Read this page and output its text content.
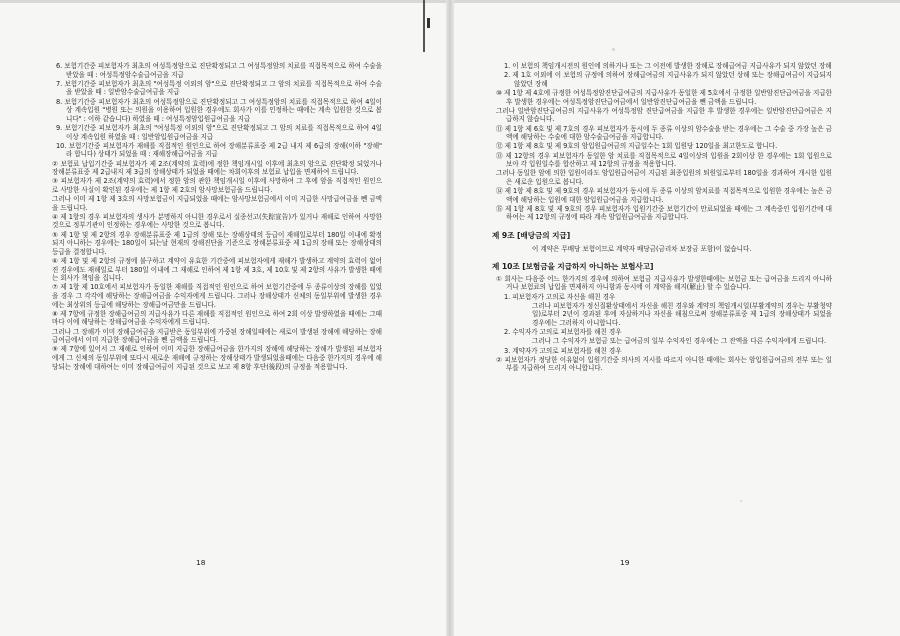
6. 보험기간중 피보험자가 최초의 여성특정암으로 진단확정되고 그 여성특정암의 치료를 직접목적으로 하여 수술을 받았을 때 : 여성특정암수술급여금을 지급

7. 보험기간중 피보험자가 최초의 "여성특정 이외의 암"으로 진단확정되고 그 암의 치료를 직접목적으로 하여 수술을 받았을 때 : 일반암수술급여금을 지급

8. 보험기간중 피보험자가 최초의 여성특정암으로 진단확정되고 그 여성특정암의 치료를 직접목적으로 하여 4일이상 계속입원 "병원 또는 의원을 이용하여 입원한 경우에도 회사가 이를 인정하는 때에는 계속 입원한 것으로 봅니다" : 이하 같습니다) 하였을 때 : 여성특정암입원급여금을 지급

9. 보험기간중 피보험자가 최초의 "여성특정 이외의 암"으로 진단확정되고 그 암의 치료를 직접목적으로 하여 4일이상 계속입원 하였을 때 : 일반암입원급여금을 지급

10. 보험기간중 피보험자가 재해를 직접적인 원인으로 하여 장해분류표중 제 2급 내지 제 6급의 장해(이하 "장해" 라 합니다) 상태가 되었을 때 : 재해장해급여금을 지급

② 보험료 납입기간중 피보험자가 제 2조(계약의 효력)에 정한 책임개시일 이후에 최초의 암으로 진단확정 되었거나 장해분류표중 제 2급내지 제 3급의 장해상태가 되었을 때에는 차회이후의 보험료 납입을 면제하여 드립니다.

③ 피보험자가 제 2조(계약의 효력)에서 정한 암의 관한 책임개시일 이후에 사망하여 그 후에 암을 직접적인 원인으로 사망한 사실이 확인된 경우에는 제 1항 제 2호의 암사망보험금을 드립니다.

그러나 이미 제 1항 제 3호의 사망보험금이 지급되었을 때에는 암사망보험금에서 이미 지급한 사망급여금을 뺀 금액을 드립니다.

④ 제 1항의 경우 피보험자의 생사가 분명하지 아니한 경우로서 실종선고(失踪宣告)가 있거나 재해로 인하여 사망한 것으로 정부기관이 인정하는 경우에는 사망한 것으로 봅니다.

⑤ 제 1항 및 제 2항의 경우 장해분류표중 제 1급의 장해 또는 장해상태의 등급이 재해일로부터 180일 이내에 확정되지 아니하는 경우에는 180일이 되는날 현재의 장해진단을 기준으로 장해분류표중 제 1급의 장해 또는 장해상태의 등급을 결정합니다.

⑥ 제 1항 및 제 2항의 규정에 불구하고 계약이 유효한 기간중에 피보험자에게 재해가 발생하고 계약의 효력이 없어진 경우에도 재해일로 부터 180일 이내에 그 재해로 인하여 제 1항 제 3호, 제 10호 및 제 2항의 사유가 발생한 때에는 회사가 책임을 집니다.

⑦ 제 1항 제 10호에서 피보험자가 동일한 재해를 직접적인 원인으로 하여 보험기간중에 두 종류이상의 장해를 입었을 경우 그 각각에 해당하는 장해급여금을 수익자에게 드립니다. 그러나 장해상태가 신체의 동일부위에 발생한 경우에는 최상위의 등급에 해당하는 장해급여금만을 드립니다.

⑧ 제 7항에 규정한 장해급여금의 지급사유가 다른 재해를 직접적인 원인으로 하여 2회 이상 발생하였을 때에는 그때마다 이에 해당하는 장해급여금을 수익자에게 드립니다.

그러나 그 장해가 이미 장해급여금을 지급받은 동일부위에 가중된 장해일때에는 새로이 발생된 장해에 해당하는 장해급여금에서 이미 지급한 장해급여금을 뺀 금액을 드립니다.

⑨ 제 7항에 있어서 그 재해로 인하여 이미 지급한 장해급여금을 한가지의 장해에 해당하는 장해가 발생된 피보험자에게 그 신체의 동일부위에 또다시 새로운 재해에 규정하는 장해상태가 발생되었을때에는 다음중 한가지의 경우에 해당되는 장해에 대하여는 이미 장해급여금이 지급된 것으로 보고 제 8항 후단(後段)의 규정을 적용합니다.

18

1. 이 보험의 책임개시전의 원인에 의하거나 또는 그 이전에 발생한 장해로 장해급여금 지급사유가 되지 않았던 장해

2. 제 1호 이외에 이 보험의 규정에 의하여 장해급여금의 지급사유가 되지 않았던 상해 또는 장해급여금이 지급되지 않았던 장해

⑩ 제 1항 제 4호에 규정한 여성특정암진단급여금의 지급사유가 동일한 제 5호에서 규정한 일반암진단급여금을 지급한 후 발생한 경우에는 여성특정암진단급여금에서 일반암진단급여금을 뺀 금액을 드립니다.

그러나 일반암진단급여금의 지급사유가 여성특정암 진단급여금을 지급한 후 발생한 경우에는 일반암진단급여금은 지급하지 않습니다.

⑪ 제 1항 제 6호 및 제 7호의 경우 피보험자가 동시에 두 종류 이상의 암수술을 받는 경우에는 그 수술 중 가장 높은 금액에 해당하는 수술에 대한 암수술급여금을 지급합니다.

⑫ 제 1항 제 8호 및 제 9호의 암입원급여금의 지급일수는 1회 입원당 120일을 최고한도로 합니다.

⑬ 제 12항의 경우 피보험자가 동일한 암 치료를 직접목적으로 4일이상의 입원을 2회이상 한 경우에는 1회 입원으로 보아 각 입원일수를 합산하고 제 12항의 규정을 적용합니다.

그러나 동일한 암에 의한 입원이라도 암입원급여금이 지급된 최종입원의 퇴원일로부터 180일을 경과하여 개시한 입원은 새로운 입원으로 봅니다.

⑭ 제 1항 제 8호 및 제 9호의 경우 피보험자가 동시에 두 종류 이상의 암치료를 직접목적으로 입원한 경우에는 높은 금액에 해당하는 입원에 대한 암입원급여금을 지급합니다.

⑮ 제 1항 제 8호 및 제 9호의 경우 피보험자가 입원기간중 보험기간이 만료되었을 때에는 그 계속중인 입원기간에 대하여는 제 12항의 규정에 따라 계속 암입원급여금을 지급합니다.

제 9조 [배당금의 지급]

이 계약은 무배당 보험이므로 계약자 배당금(금리차 보장금 포함)이 없습니다.

제 10조 [보험금을 지급하지 아니하는 보험사고]

① 회사는 다음중 어느 한가지의 경우에 의하여 보험금 지급사유가 발생한때에는 보험금 또는 급여금을 드리지 아니하거나 보험료의 납입을 면제하지 아니함과 동시에 이 계약을 해지(解止) 할 수 있습니다.

1. 피보험자가 고의로 자신을 해친 경우

그러나 피보험자가 정신질환상태에서 자신을 해친 경우와 계약의 책임개시일(부활계약의 경우는 부활청약일)로부터 2년이 경과된 후에 자살하거나 자신을 해침으로써 장해분류표중 제 1급의 장해상태가 되었을 경우에는 그러하지 아니합니다.

2. 수익자가 고의로 피보험자를 해친 경우

그러나 그 수익자가 보험금 또는 급여금의 일부 수익자인 경우에는 그 잔액을 다른 수익자에게 드립니다.

3. 계약자가 고의로 피보험자를 해친 경우

② 피보험자가 정당한 이유없이 입원기간중 의사의 지시를 따르지 아니한 때에는 회사는 암입원급여금의 전부 또는 일부를 지급하여 드리지 아니합니다.

19
